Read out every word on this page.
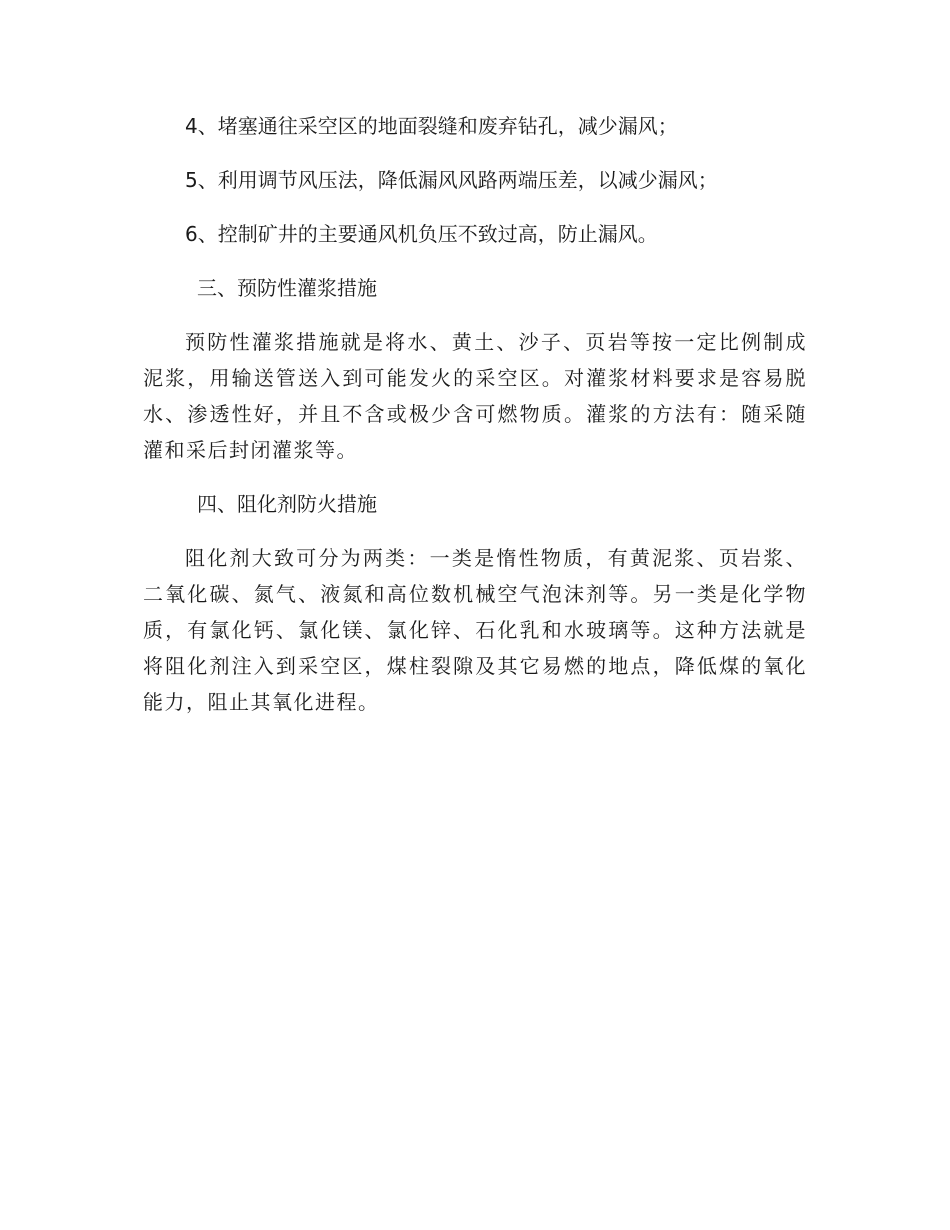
4、堵塞通往采空区的地面裂缝和废弃钻孔，减少漏风；

5、利用调节风压法，降低漏风风路两端压差，以减少漏风；

6、控制矿井的主要通风机负压不致过高，防止漏风。

三、预防性灌浆措施

预防性灌浆措施就是将水、黄土、沙子、页岩等按一定比例制成泥浆，用输送管送入到可能发火的采空区。对灌浆材料要求是容易脱水、渗透性好，并且不含或极少含可燃物质。灌浆的方法有：随采随灌和采后封闭灌浆等。

四、阻化剂防火措施

阻化剂大致可分为两类：一类是惰性物质，有黄泥浆、页岩浆、二氧化碳、氮气、液氮和高位数机械空气泡沫剂等。另一类是化学物质，有氯化钙、氯化镁、氯化锌、石化乳和水玻璃等。这种方法就是将阻化剂注入到采空区，煤柱裂隙及其它易燃的地点，降低煤的氧化能力，阻止其氧化进程。
